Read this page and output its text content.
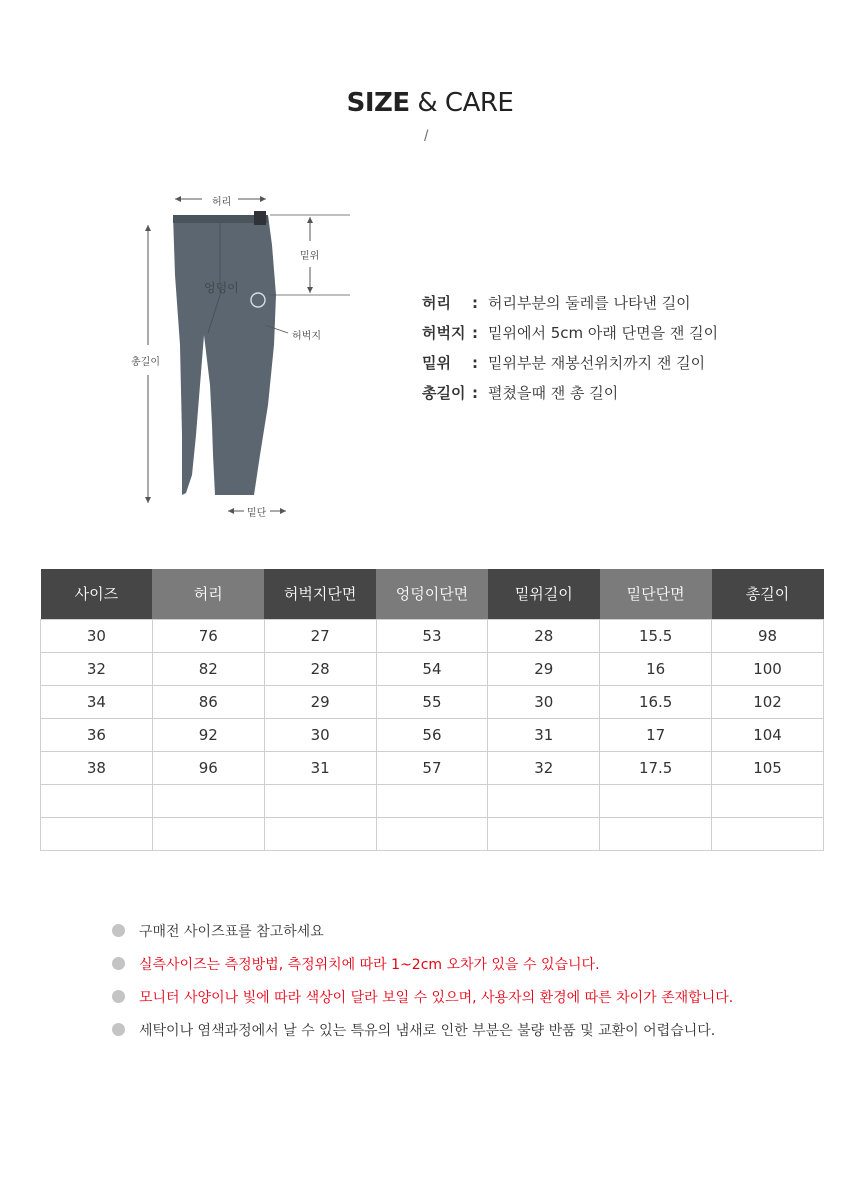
SIZE & CARE
/
허리
밑위
엉덩이
허벅지
총길이
밑단
허리	: 허리부분의 둘레를 나타낸 길이
허벅지 : 밑위에서 5cm 아래 단면을 잰 길이
밑위	: 밑위부분 재봉선위치까지 잰 길이
총길이 : 펼쳤을때 잰 총 길이
사이즈	허리	허벅지단면	엉덩이단면	밑위길이	밑단단면	총길이
30	76	27	53	28	15.5	98
32	82	28	54	29	16	100
34	86	29	55	30	16.5	102
36	92	30	56	31	17	104
38	96	31	57	32	17.5	105

구매전 사이즈표를 참고하세요
실측사이즈는 측정방법, 측정위치에 따라 1~2cm 오차가 있을 수 있습니다.
모니터 사양이나 빛에 따라 색상이 달라 보일 수 있으며, 사용자의 환경에 따른 차이가 존재합니다.
세탁이나 염색과정에서 날 수 있는 특유의 냄새로 인한 부분은 불량 반품 및 교환이 어렵습니다.
